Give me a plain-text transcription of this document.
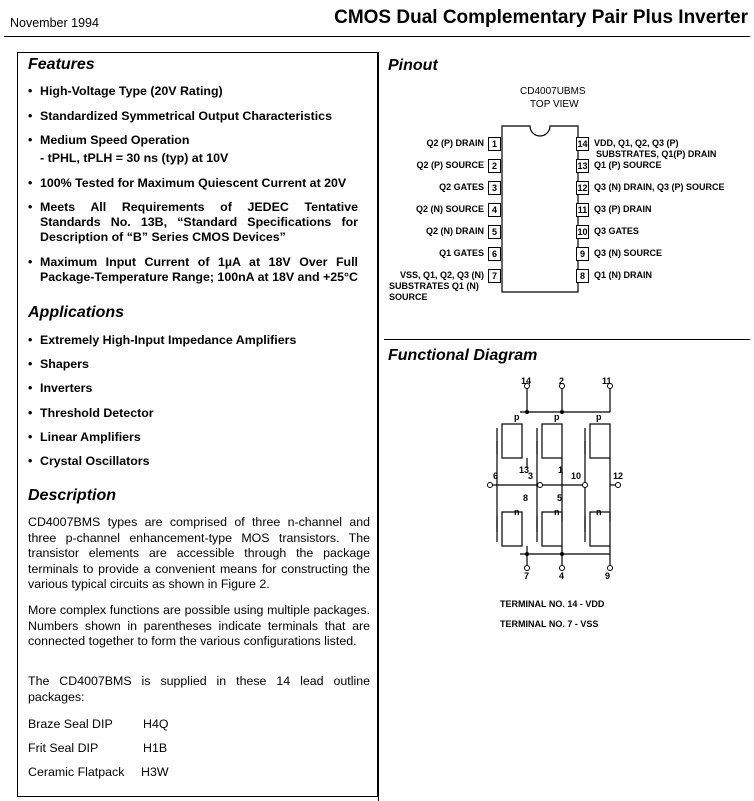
November 1994	CMOS Dual Complementary Pair Plus Inverter
Features
• High-Voltage Type (20V Rating)
• Standardized Symmetrical Output Characteristics
• Medium Speed Operation
- tPHL, tPLH = 30 ns (typ) at 10V
• 100% Tested for Maximum Quiescent Current at 20V
• Meets All Requirements of JEDEC Tentative Standards No. 13B, “Standard Specifications for Description of “B” Series CMOS Devices”
• Maximum Input Current of 1µA at 18V Over Full Package-Temperature Range; 100nA at 18V and +25°C
Applications
• Extremely High-Input Impedance Amplifiers
• Shapers
• Inverters
• Threshold Detector
• Linear Amplifiers
• Crystal Oscillators
Description
CD4007BMS types are comprised of three n-channel and three p-channel enhancement-type MOS transistors. The transistor elements are accessible through the package terminals to provide a convenient means for constructing the various typical circuits as shown in Figure 2.
More complex functions are possible using multiple packages. Numbers shown in parentheses indicate terminals that are connected together to form the various configurations listed.
The CD4007BMS is supplied in these 14 lead outline packages:
Braze Seal DIP H4Q
Frit Seal DIP	H1B
Ceramic Flatpack H3W
Pinout
CD4007UBMS
TOP VIEW
Q2 (P) DRAIN 1
Q2 (P) SOURCE 2
Q2 GATES 3
Q2 (N) SOURCE 4
Q2 (N) DRAIN 5
Q1 GATES 6
VSS, Q1, Q2, Q3 (N)
SUBSTRATES Q1 (N)
SOURCE
7
14 VDD, Q1, Q2, Q3 (P)
SUBSTRATES, Q1(P) DRAIN
13 Q1 (P) SOURCE
12 Q3 (N) DRAIN, Q3 (P) SOURCE
11 Q3 (P) DRAIN
10 Q3 GATES
9	Q3 (N) SOURCE
8	Q1 (N) DRAIN
Functional Diagram
14	2	11
p	p	p
13	1
3
6	10	12
8	5
n	n	n
7	4	9
TERMINAL NO. 14 - VDD
TERMINAL NO. 7 - VSS
